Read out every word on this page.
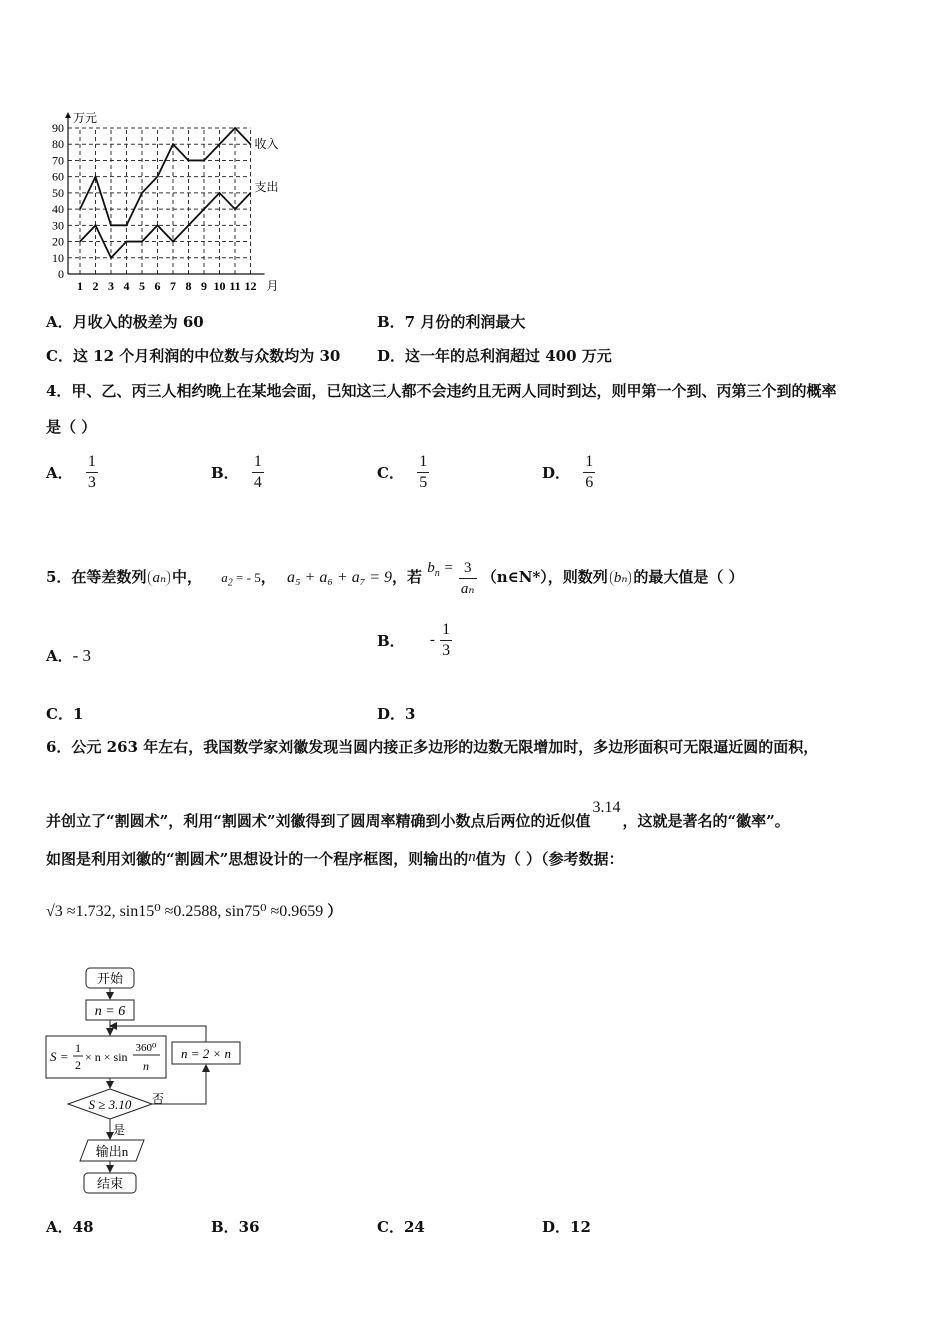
90
80
70
60
50
40
30
20
10
0
万元
1 2 3 4 5 6 7 8 9 10 11 12 月
收入
支出
A．月收入的极差为 60	B．7 月份的利润最大
C．这 12 个月利润的中位数与众数均为 30 D．这一年的总利润超过 400 万元
4．甲、乙、丙三人相约晚上在某地会面，已知这三人都不会违约且无两人同时到达，则甲第一个到、丙第三个到的概率
是（ ）
A． $\frac{1}{3}$	B． $\frac{1}{4}$	C． $\frac{1}{5}$	D． $\frac{1}{6}$
5．在等差数列 aₙ 中， $a_2$ = - 5， a₅ + a₆ + a₇ = 9，若 $b_n = \frac{3}{\text{aₙ}}$ （n∈N*），则数列 bₙ 的最大值是（ ）
A．- 3
B． - $\frac{1}{3}$
C．1	D．3
6．公元 263 年左右，我国数学家刘徽发现当圆内接正多边形的边数无限增加时，多边形面积可无限逼近圆的面积，
并创立了“割圆术”，利用“割圆术”刘徽得到了圆周率精确到小数点后两位的近似值3.14，这就是著名的“徽率”。
如图是利用刘徽的“割圆术”思想设计的一个程序框图，则输出的n值为（ ）（参考数据：
√3 ≈1.732, sin15⁰ ≈0.2588, sin75⁰ ≈0.9659 ）
开始
n = 6
S =
1
2
× n × sin
360⁰
n
S ≥ 3.10 否
n = 2 × n
是
输出n
结束
A．48	B．36	C．24	D．12
